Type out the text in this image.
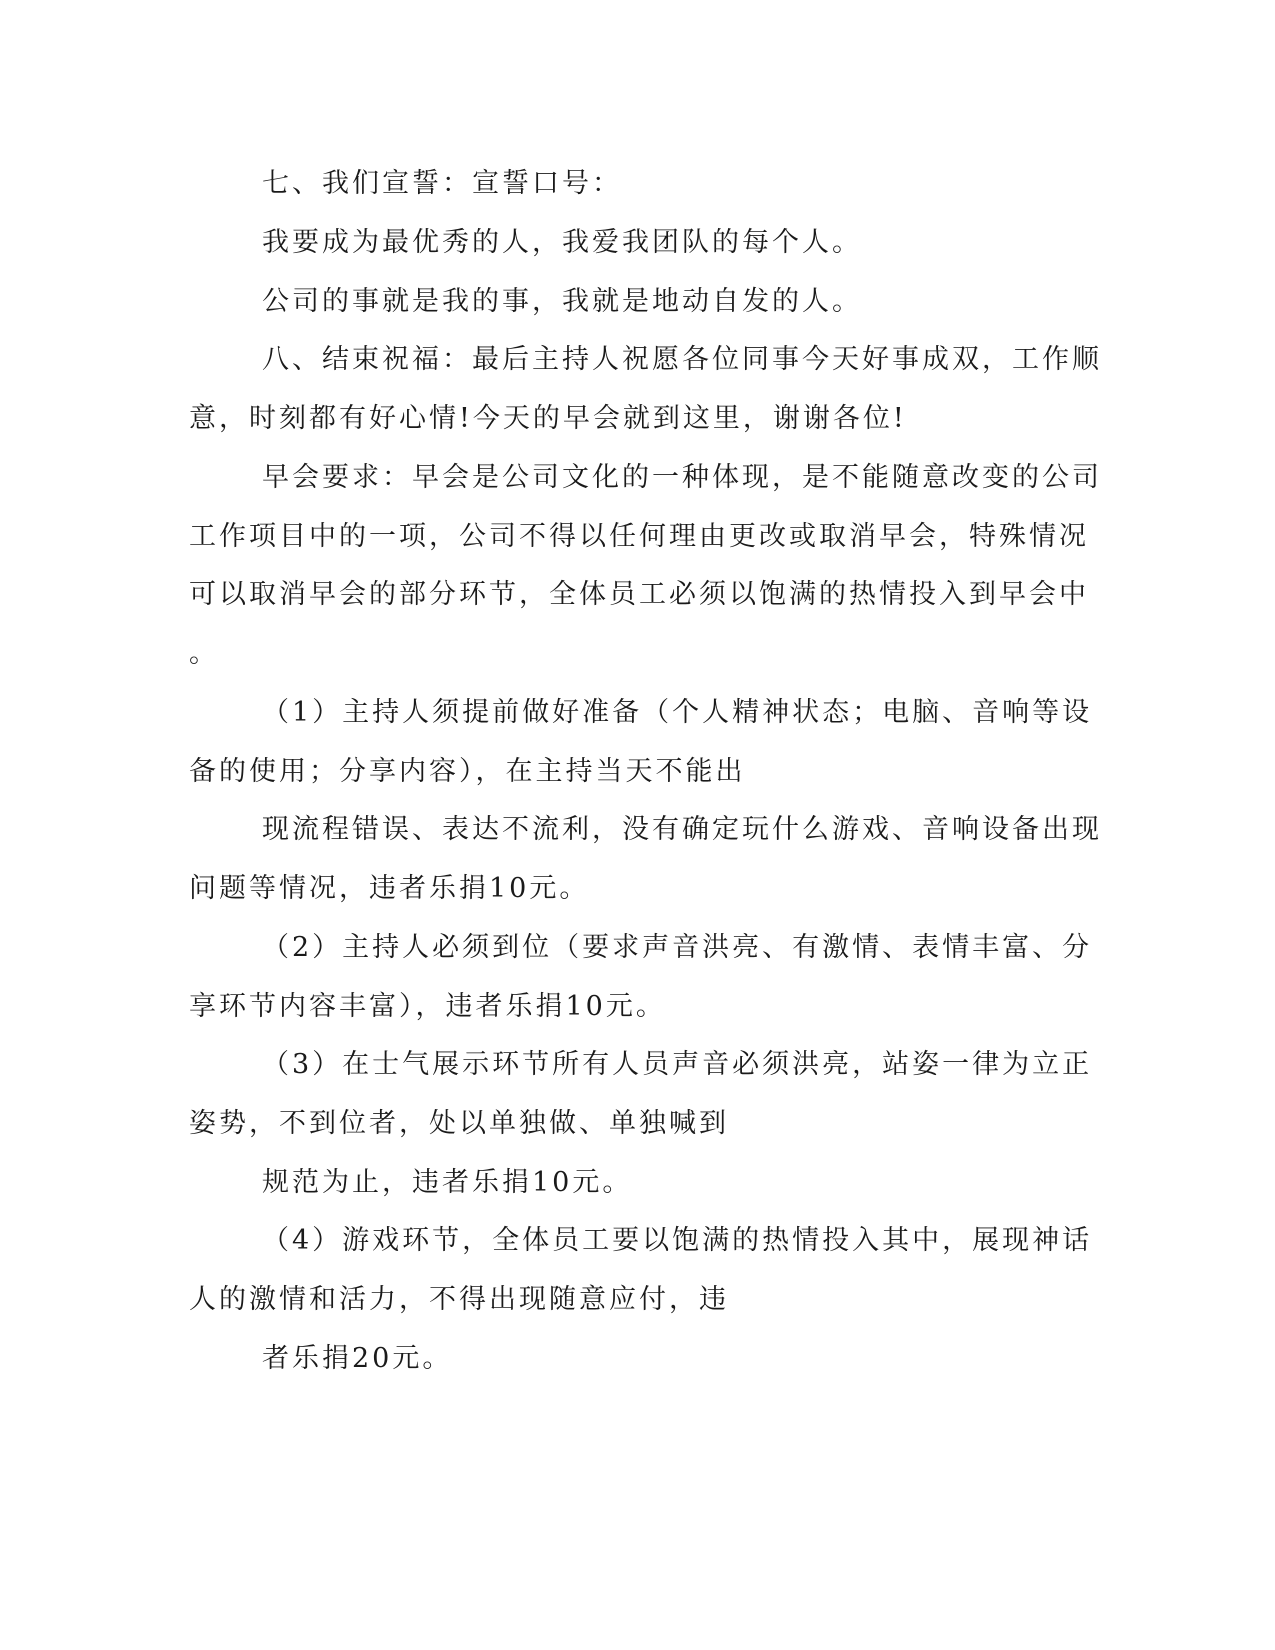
七、我们宣誓：宣誓口号：
我要成为最优秀的人，我爱我团队的每个人。
公司的事就是我的事，我就是地动自发的人。
八、结束祝福：最后主持人祝愿各位同事今天好事成双，工作顺
意，时刻都有好心情!今天的早会就到这里，谢谢各位!
早会要求：早会是公司文化的一种体现，是不能随意改变的公司
工作项目中的一项，公司不得以任何理由更改或取消早会，特殊情况
可以取消早会的部分环节，全体员工必须以饱满的热情投入到早会中
。
（1）主持人须提前做好准备（个人精神状态；电脑、音响等设
备的使用；分享内容），在主持当天不能出
现流程错误、表达不流利，没有确定玩什么游戏、音响设备出现
问题等情况，违者乐捐10元。
（2）主持人必须到位（要求声音洪亮、有激情、表情丰富、分
享环节内容丰富），违者乐捐10元。
（3）在士气展示环节所有人员声音必须洪亮，站姿一律为立正
姿势，不到位者，处以单独做、单独喊到
规范为止，违者乐捐10元。
（4）游戏环节，全体员工要以饱满的热情投入其中，展现神话
人的激情和活力，不得出现随意应付，违
者乐捐20元。
